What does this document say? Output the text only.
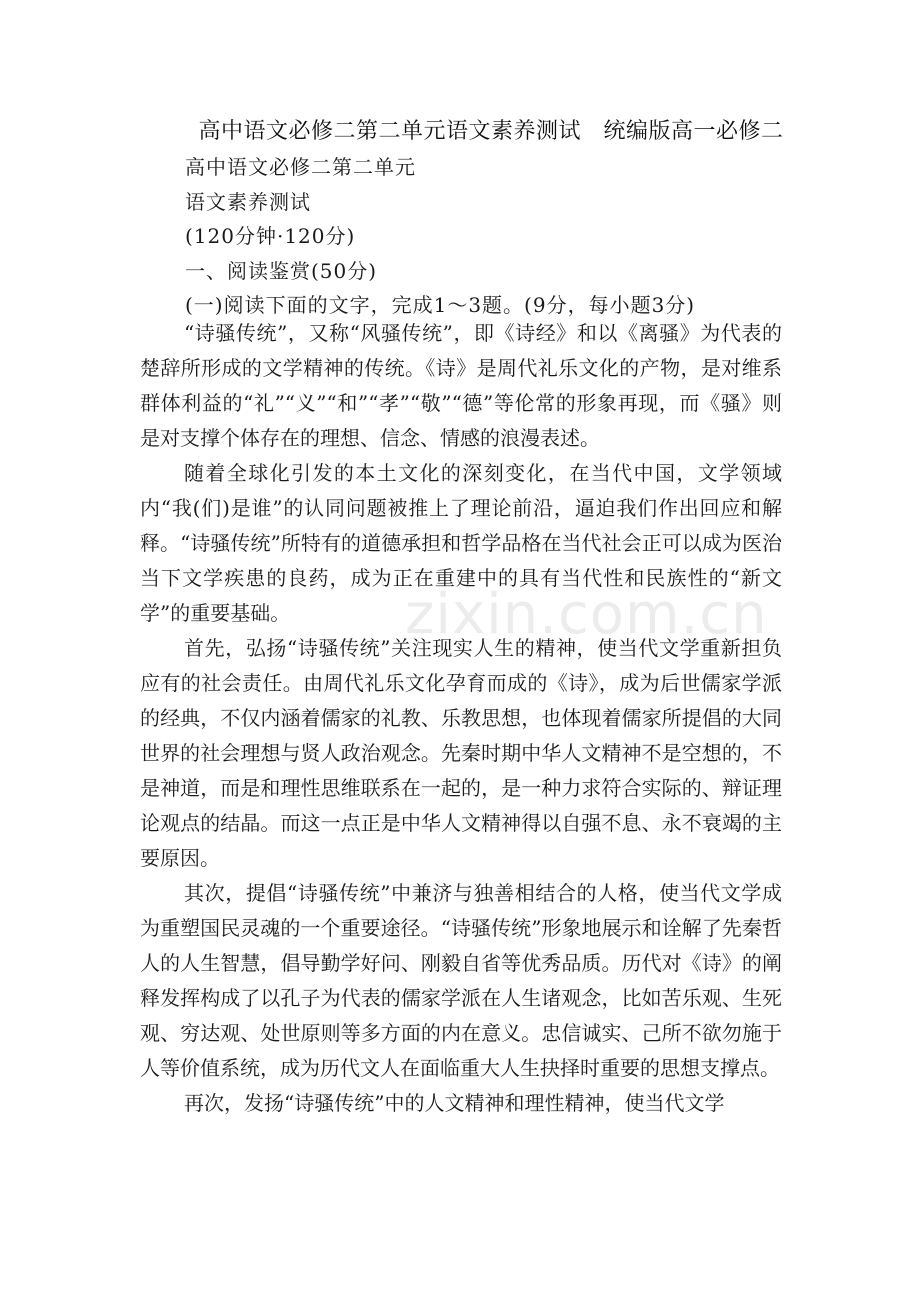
高中语文必修二第二单元语文素养测试　统编版高一必修二
高中语文必修二第二单元
语文素养测试
(120分钟·120分)
一、阅读鉴赏(50分)
(一)阅读下面的文字，完成1～3题。(9分，每小题3分)

“诗骚传统”，又称“风骚传统”，即《诗经》和以《离骚》为代表的楚辞所形成的文学精神的传统。《诗》是周代礼乐文化的产物，是对维系群体利益的“礼”“义”“和”“孝”“敬”“德”等伦常的形象再现，而《骚》则是对支撑个体存在的理想、信念、情感的浪漫表述。

随着全球化引发的本土文化的深刻变化，在当代中国，文学领域内“我(们)是谁”的认同问题被推上了理论前沿，逼迫我们作出回应和解释。“诗骚传统”所特有的道德承担和哲学品格在当代社会正可以成为医治当下文学疾患的良药，成为正在重建中的具有当代性和民族性的“新文学”的重要基础。

首先，弘扬“诗骚传统”关注现实人生的精神，使当代文学重新担负应有的社会责任。由周代礼乐文化孕育而成的《诗》，成为后世儒家学派的经典，不仅内涵着儒家的礼教、乐教思想，也体现着儒家所提倡的大同世界的社会理想与贤人政治观念。先秦时期中华人文精神不是空想的，不是神道，而是和理性思维联系在一起的，是一种力求符合实际的、辩证理论观点的结晶。而这一点正是中华人文精神得以自强不息、永不衰竭的主要原因。

其次，提倡“诗骚传统”中兼济与独善相结合的人格，使当代文学成为重塑国民灵魂的一个重要途径。“诗骚传统”形象地展示和诠解了先秦哲人的人生智慧，倡导勤学好问、刚毅自省等优秀品质。历代对《诗》的阐释发挥构成了以孔子为代表的儒家学派在人生诸观念，比如苦乐观、生死观、穷达观、处世原则等多方面的内在意义。忠信诚实、己所不欲勿施于人等价值系统，成为历代文人在面临重大人生抉择时重要的思想支撑点。

再次，发扬“诗骚传统”中的人文精神和理性精神，使当代文学

zixin.com.cn
